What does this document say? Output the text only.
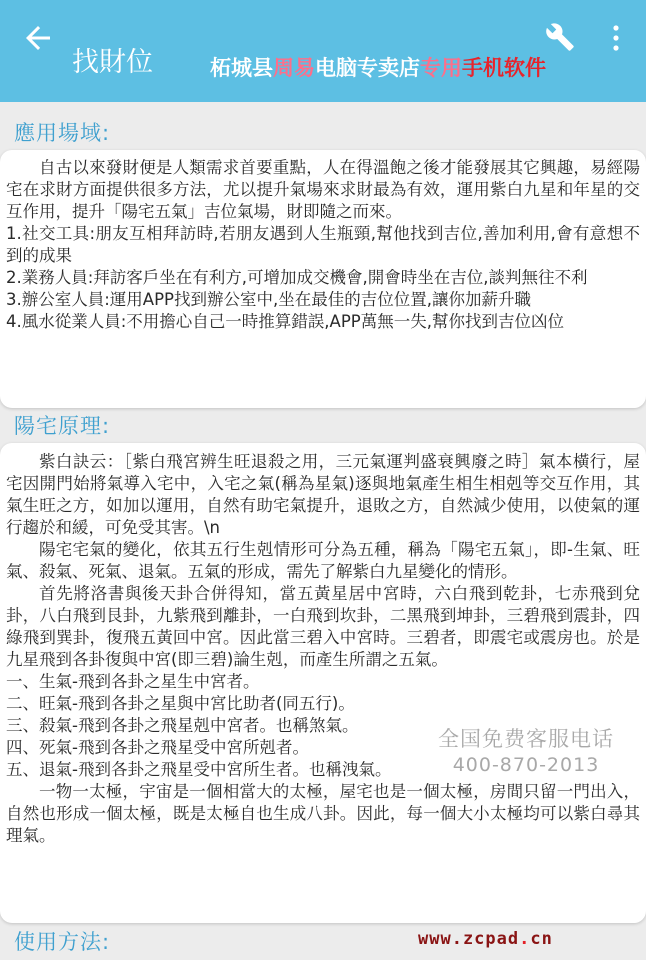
找財位	柘城县周易电脑专卖店专用手机软件
應用場域:

自古以來發財便是人類需求首要重點，人在得溫飽之後才能發展其它興趣，易經陽宅在求財方面提供很多方法，尤以提升氣場來求財最為有效，運用紫白九星和年星的交互作用，提升「陽宅五氣」吉位氣場，財即隨之而來。

1.社交工具:朋友互相拜訪時,若朋友遇到人生瓶頸,幫他找到吉位,善加利用,會有意想不到的成果

2.業務人員:拜訪客戶坐在有利方,可增加成交機會,開會時坐在吉位,談判無往不利

3.辦公室人員:運用APP找到辦公室中,坐在最佳的吉位位置,讓你加薪升職

4.風水從業人員:不用擔心自己一時推算錯誤,APP萬無一失,幫你找到吉位凶位

陽宅原理:

紫白訣云：［紫白飛宮辨生旺退殺之用，三元氣運判盛衰興廢之時］氣本橫行，屋宅因開門始將氣導入宅中，入宅之氣(稱為星氣)逐與地氣產生相生相剋等交互作用，其氣生旺之方，如加以運用，自然有助宅氣提升，退敗之方，自然減少使用，以使氣的運行趨於和緩，可免受其害。\n

陽宅宅氣的變化，依其五行生剋情形可分為五種，稱為「陽宅五氣」，即-生氣、旺氣、殺氣、死氣、退氣。五氣的形成，需先了解紫白九星變化的情形。

首先將洛書與後天卦合併得知，當五黃星居中宮時，六白飛到乾卦，七赤飛到兌卦，八白飛到艮卦，九紫飛到離卦，一白飛到坎卦，二黑飛到坤卦，三碧飛到震卦，四綠飛到巽卦，復飛五黃回中宮。因此當三碧入中宮時。三碧者，即震宅或震房也。於是九星飛到各卦復與中宮(即三碧)論生剋，而產生所謂之五氣。

一、生氣-飛到各卦之星生中宮者。

二、旺氣-飛到各卦之星與中宮比助者(同五行)。

三、殺氣-飛到各卦之飛星剋中宮者。也稱煞氣。

四、死氣-飛到各卦之飛星受中宮所剋者。

五、退氣-飛到各卦之飛星受中宮所生者。也稱洩氣。

一物一太極，宇宙是一個相當大的太極，屋宅也是一個太極，房間只留一門出入，自然也形成一個太極，既是太極自也生成八卦。因此，每一個大小太極均可以紫白尋其理氣。

全国免费客服电话
400-870-2013
使用方法:	www.zcpad.cn
